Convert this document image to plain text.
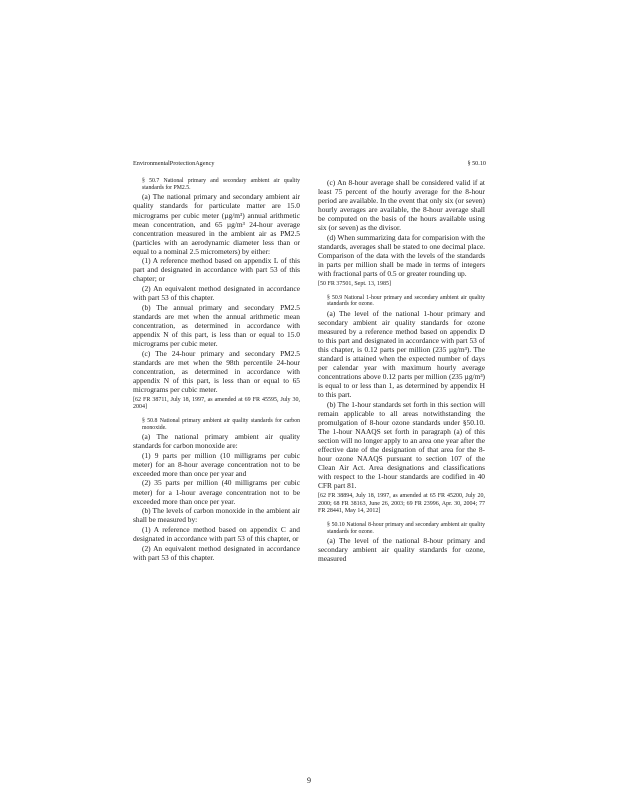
Environmental Protection Agency	§ 50.10

§ 50.7 National primary and secondary ambient air quality standards for PM2.5.

(a) The national primary and secondary ambient air quality standards for particulate matter are 15.0 micrograms per cubic meter (µg/m³) annual arithmetic mean concentration, and 65 µg/m³ 24-hour average concentration measured in the ambient air as PM2.5 (particles with an aerodynamic diameter less than or equal to a nominal 2.5 micrometers) by either:

(1) A reference method based on appendix L of this part and designated in accordance with part 53 of this chapter; or

(2) An equivalent method designated in accordance with part 53 of this chapter.

(b) The annual primary and secondary PM2.5 standards are met when the annual arithmetic mean concentration, as determined in accordance with appendix N of this part, is less than or equal to 15.0 micrograms per cubic meter.

(c) The 24-hour primary and secondary PM2.5 standards are met when the 98th percentile 24-hour concentration, as determined in accordance with appendix N of this part, is less than or equal to 65 micrograms per cubic meter.

[62 FR 38711, July 18, 1997, as amended at 69 FR 45595, July 30, 2004]

§ 50.8 National primary ambient air quality standards for carbon monoxide.

(a) The national primary ambient air quality standards for carbon monoxide are:

(1) 9 parts per million (10 milligrams per cubic meter) for an 8-hour average concentration not to be exceeded more than once per year and

(2) 35 parts per million (40 milligrams per cubic meter) for a 1-hour average concentration not to be exceeded more than once per year.

(b) The levels of carbon monoxide in the ambient air shall be measured by:

(1) A reference method based on appendix C and designated in accordance with part 53 of this chapter, or

(2) An equivalent method designated in accordance with part 53 of this chapter.

(c) An 8-hour average shall be considered valid if at least 75 percent of the hourly average for the 8-hour period are available. In the event that only six (or seven) hourly averages are available, the 8-hour average shall be computed on the basis of the hours available using six (or seven) as the divisor.

(d) When summarizing data for comparision with the standards, averages shall be stated to one decimal place. Comparison of the data with the levels of the standards in parts per million shall be made in terms of integers with fractional parts of 0.5 or greater rounding up.

[50 FR 37501, Sept. 13, 1985]

§ 50.9 National 1-hour primary and secondary ambient air quality standards for ozone.

(a) The level of the national 1-hour primary and secondary ambient air quality standards for ozone measured by a reference method based on appendix D to this part and designated in accordance with part 53 of this chapter, is 0.12 parts per million (235 µg/m³). The standard is attained when the expected number of days per calendar year with maximum hourly average concentrations above 0.12 parts per million (235 µg/m³) is equal to or less than 1, as determined by appendix H to this part.

(b) The 1-hour standards set forth in this section will remain applicable to all areas notwithstanding the promulgation of 8-hour ozone standards under §50.10. The 1-hour NAAQS set forth in paragraph (a) of this section will no longer apply to an area one year after the effective date of the designation of that area for the 8-hour ozone NAAQS pursuant to section 107 of the Clean Air Act. Area designations and classifications with respect to the 1-hour standards are codified in 40 CFR part 81.

[62 FR 38894, July 18, 1997, as amended at 65 FR 45200, July 20, 2000; 68 FR 38163, June 26, 2003; 69 FR 23996, Apr. 30, 2004; 77 FR 28441, May 14, 2012]

§ 50.10 National 8-hour primary and secondary ambient air quality standards for ozone.

(a) The level of the national 8-hour primary and secondary ambient air quality standards for ozone, measured

9
